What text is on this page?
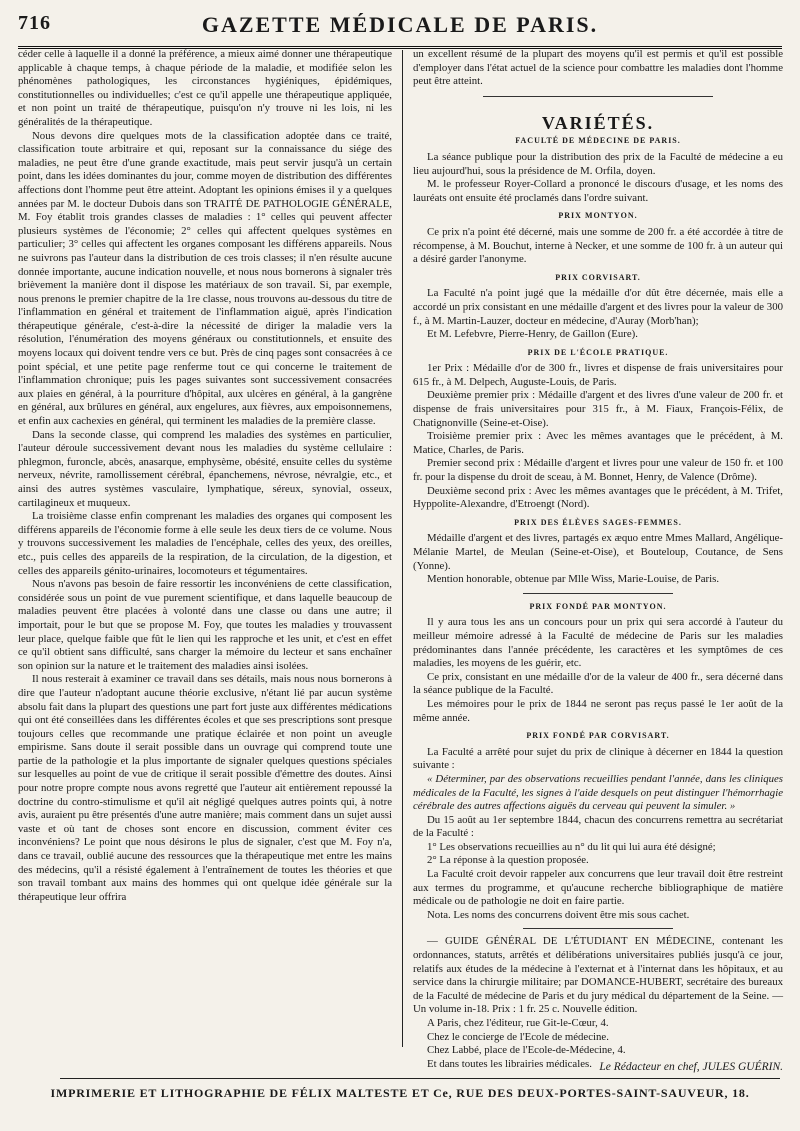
716	GAZETTE MÉDICALE DE PARIS.

céder celle à laquelle il a donné la préférence, a mieux aimé donner une thérapeutique applicable à chaque temps, à chaque période de la maladie, et modifiée selon les phénomènes pathologiques, les circonstances hygiéniques, épidémiques, constitutionnelles ou individuelles; c'est ce qu'il appelle une thérapeutique appliquée, et non point un traité de thérapeutique, puisqu'on n'y trouve ni les lois, ni les généralités de la thérapeutique.

Nous devons dire quelques mots de la classification adoptée dans ce traité, classification toute arbitraire et qui, reposant sur la connaissance du siége des maladies, ne peut être d'une grande exactitude, mais peut servir jusqu'à un certain point, dans les idées dominantes du jour, comme moyen de distribution des différentes affections dont l'homme peut être atteint. Adoptant les opinions émises il y a quelques années par M. le docteur Dubois dans son TRAITÉ DE PATHOLOGIE GÉNÉRALE, M. Foy établit trois grandes classes de maladies : 1° celles qui peuvent affecter plusieurs systèmes de l'économie; 2° celles qui affectent quelques systèmes en particulier; 3° celles qui affectent les organes composant les différens appareils. Nous ne suivrons pas l'auteur dans la distribution de ces trois classes; il n'en résulte aucune donnée importante, aucune indication nouvelle, et nous nous bornerons à signaler très brièvement la manière dont il dispose les matériaux de son travail. Si, par exemple, nous prenons le premier chapitre de la 1re classe, nous trouvons au-dessous du titre de l'inflammation en général et traitement de l'inflammation aiguë, après l'indication thérapeutique générale, c'est-à-dire la nécessité de diriger la maladie vers la résolution, l'énumération des moyens généraux ou constitutionnels, et ensuite des moyens locaux qui doivent tendre vers ce but. Près de cinq pages sont consacrées à ce point spécial, et une petite page renferme tout ce qui concerne le traitement de l'inflammation chronique; puis les pages suivantes sont successivement consacrées aux plaies en général, à la pourriture d'hôpital, aux ulcères en général, à la gangrène en général, aux brûlures en général, aux engelures, aux fièvres, aux empoisonnemens, et enfin aux cachexies en général, qui terminent les maladies de la première classe.

Dans la seconde classe, qui comprend les maladies des systèmes en particulier, l'auteur déroule successivement devant nous les maladies du système cellulaire : phlegmon, furoncle, abcès, anasarque, emphysème, obésité, ensuite celles du système nerveux, névrite, ramollissement cérébral, épanchemens, névrose, névralgie, etc., et ainsi des autres systèmes vasculaire, lymphatique, séreux, synovial, osseux, cartilagineux et muqueux.

La troisième classe enfin comprenant les maladies des organes qui composent les différens appareils de l'économie forme à elle seule les deux tiers de ce volume. Nous y trouvons successivement les maladies de l'encéphale, celles des yeux, des oreilles, etc., puis celles des appareils de la respiration, de la circulation, de la digestion, et celles des appareils génito-urinaires, locomoteurs et tégumentaires.

Nous n'avons pas besoin de faire ressortir les inconvéniens de cette classification, considérée sous un point de vue purement scientifique, et dans laquelle beaucoup de maladies peuvent être placées à volonté dans une classe ou dans une autre; il importait, pour le but que se propose M. Foy, que toutes les maladies y trouvassent leur place, quelque faible que fût le lien qui les rapproche et les unit, et c'est en effet ce qu'il obtient sans difficulté, sans charger la mémoire du lecteur et sans enchaîner son opinion sur la nature et le traitement des maladies ainsi isolées.

Il nous resterait à examiner ce travail dans ses détails, mais nous nous bornerons à dire que l'auteur n'adoptant aucune théorie exclusive, n'étant lié par aucun système absolu fait dans la plupart des questions une part fort juste aux différentes médications qui ont été conseillées dans les différentes écoles et que ses prescriptions sont presque toujours celles que recommande une pratique éclairée et non point un aveugle empirisme. Sans doute il serait possible dans un ouvrage qui comprend toute une partie de la pathologie et la plus importante de signaler quelques questions spéciales sur lesquelles au point de vue de critique il serait possible d'émettre des doutes. Ainsi pour notre propre compte nous avons regretté que l'auteur ait entièrement repoussé la doctrine du contro-stimulisme et qu'il ait négligé quelques autres points qui, à notre avis, auraient pu être présentés d'une autre manière; mais comment dans un sujet aussi vaste et où tant de choses sont encore en discussion, comment éviter ces inconvéniens? Le point que nous désirons le plus de signaler, c'est que M. Foy n'a, dans ce travail, oublié aucune des ressources que la thérapeutique met entre les mains des médecins, qu'il a résisté également à l'entraînement de toutes les théories et que son travail tombant aux mains des hommes qui ont quelque idée générale sur la thérapeutique leur offrira

un excellent résumé de la plupart des moyens qu'il est permis et qu'il est possible d'employer dans l'état actuel de la science pour combattre les maladies dont l'homme peut être atteint.

VARIÉTÉS.
FACULTÉ DE MÉDECINE DE PARIS.

La séance publique pour la distribution des prix de la Faculté de médecine a eu lieu aujourd'hui, sous la présidence de M. Orfila, doyen.

M. le professeur Royer-Collard a prononcé le discours d'usage, et les noms des lauréats ont ensuite été proclamés dans l'ordre suivant.

PRIX MONTYON.

Ce prix n'a point été décerné, mais une somme de 200 fr. a été accordée à titre de récompense, à M. Bouchut, interne à Necker, et une somme de 100 fr. à un auteur qui a désiré garder l'anonyme.

PRIX CORVISART.

La Faculté n'a point jugé que la médaille d'or dût être décernée, mais elle a accordé un prix consistant en une médaille d'argent et des livres pour la valeur de 300 f., à M. Martin-Lauzer, docteur en médecine, d'Auray (Morb'han);

Et M. Lefebvre, Pierre-Henry, de Gaillon (Eure).

PRIX DE L'ÉCOLE PRATIQUE.

1er Prix : Médaille d'or de 300 fr., livres et dispense de frais universitaires pour 615 fr., à M. Delpech, Auguste-Louis, de Paris.

Deuxième premier prix : Médaille d'argent et des livres d'une valeur de 200 fr. et dispense de frais universitaires pour 315 fr., à M. Fiaux, François-Félix, de Chatignonville (Seine-et-Oise).

Troisième premier prix : Avec les mêmes avantages que le précédent, à M. Matice, Charles, de Paris.

Premier second prix : Médaille d'argent et livres pour une valeur de 150 fr. et 100 fr. pour la dispense du droit de sceau, à M. Bonnet, Henry, de Valence (Drôme).

Deuxième second prix : Avec les mêmes avantages que le précédent, à M. Trifet, Hyppolite-Alexandre, d'Etroengt (Nord).

PRIX DES ÉLÈVES SAGES-FEMMES.

Médaille d'argent et des livres, partagés ex æquo entre Mmes Mallard, Angélique-Mélanie Martel, de Meulan (Seine-et-Oise), et Bouteloup, Coutance, de Sens (Yonne).

Mention honorable, obtenue par Mlle Wiss, Marie-Louise, de Paris.

PRIX FONDÉ PAR MONTYON.

Il y aura tous les ans un concours pour un prix qui sera accordé à l'auteur du meilleur mémoire adressé à la Faculté de médecine de Paris sur les maladies prédominantes dans l'année précédente, les caractères et les symptômes de ces maladies, les moyens de les guérir, etc.

Ce prix, consistant en une médaille d'or de la valeur de 400 fr., sera décerné dans la séance publique de la Faculté.

Les mémoires pour le prix de 1844 ne seront pas reçus passé le 1er août de la même année.

PRIX FONDÉ PAR CORVISART.

La Faculté a arrêté pour sujet du prix de clinique à décerner en 1844 la question suivante :

« Déterminer, par des observations recueillies pendant l'année, dans les cliniques médicales de la Faculté, les signes à l'aide desquels on peut distinguer l'hémorrhagie cérébrale des autres affections aiguës du cerveau qui peuvent la simuler. »

Du 15 août au 1er septembre 1844, chacun des concurrens remettra au secrétariat de la Faculté :

1° Les observations recueillies au n° du lit qui lui aura été désigné;

2° La réponse à la question proposée.

La Faculté croit devoir rappeler aux concurrens que leur travail doit être restreint aux termes du programme, et qu'aucune recherche bibliographique de matière médicale ou de pathologie ne doit en faire partie.

Nota. Les noms des concurrens doivent être mis sous cachet.

— GUIDE GÉNÉRAL DE L'ÉTUDIANT EN MÉDECINE, contenant les ordonnances, statuts, arrêtés et délibérations universitaires publiés jusqu'à ce jour, relatifs aux études de la médecine à l'externat et à l'internat dans les hôpitaux, et au service dans la chirurgie militaire; par DOMANCE-HUBERT, secrétaire des bureaux de la Faculté de médecine de Paris et du jury médical du département de la Seine. — Un volume in-18. Prix : 1 fr. 25 c. Nouvelle édition.

A Paris, chez l'éditeur, rue Git-le-Cœur, 4.

Chez le concierge de l'Ecole de médecine.

Chez Labbé, place de l'Ecole-de-Médecine, 4.

Et dans toutes les librairies médicales. Le Rédacteur en chef, JULES GUÉRIN.
IMPRIMERIE ET LITHOGRAPHIE DE FÉLIX MALTESTE ET Ce, RUE DES DEUX-PORTES-SAINT-SAUVEUR, 18.
